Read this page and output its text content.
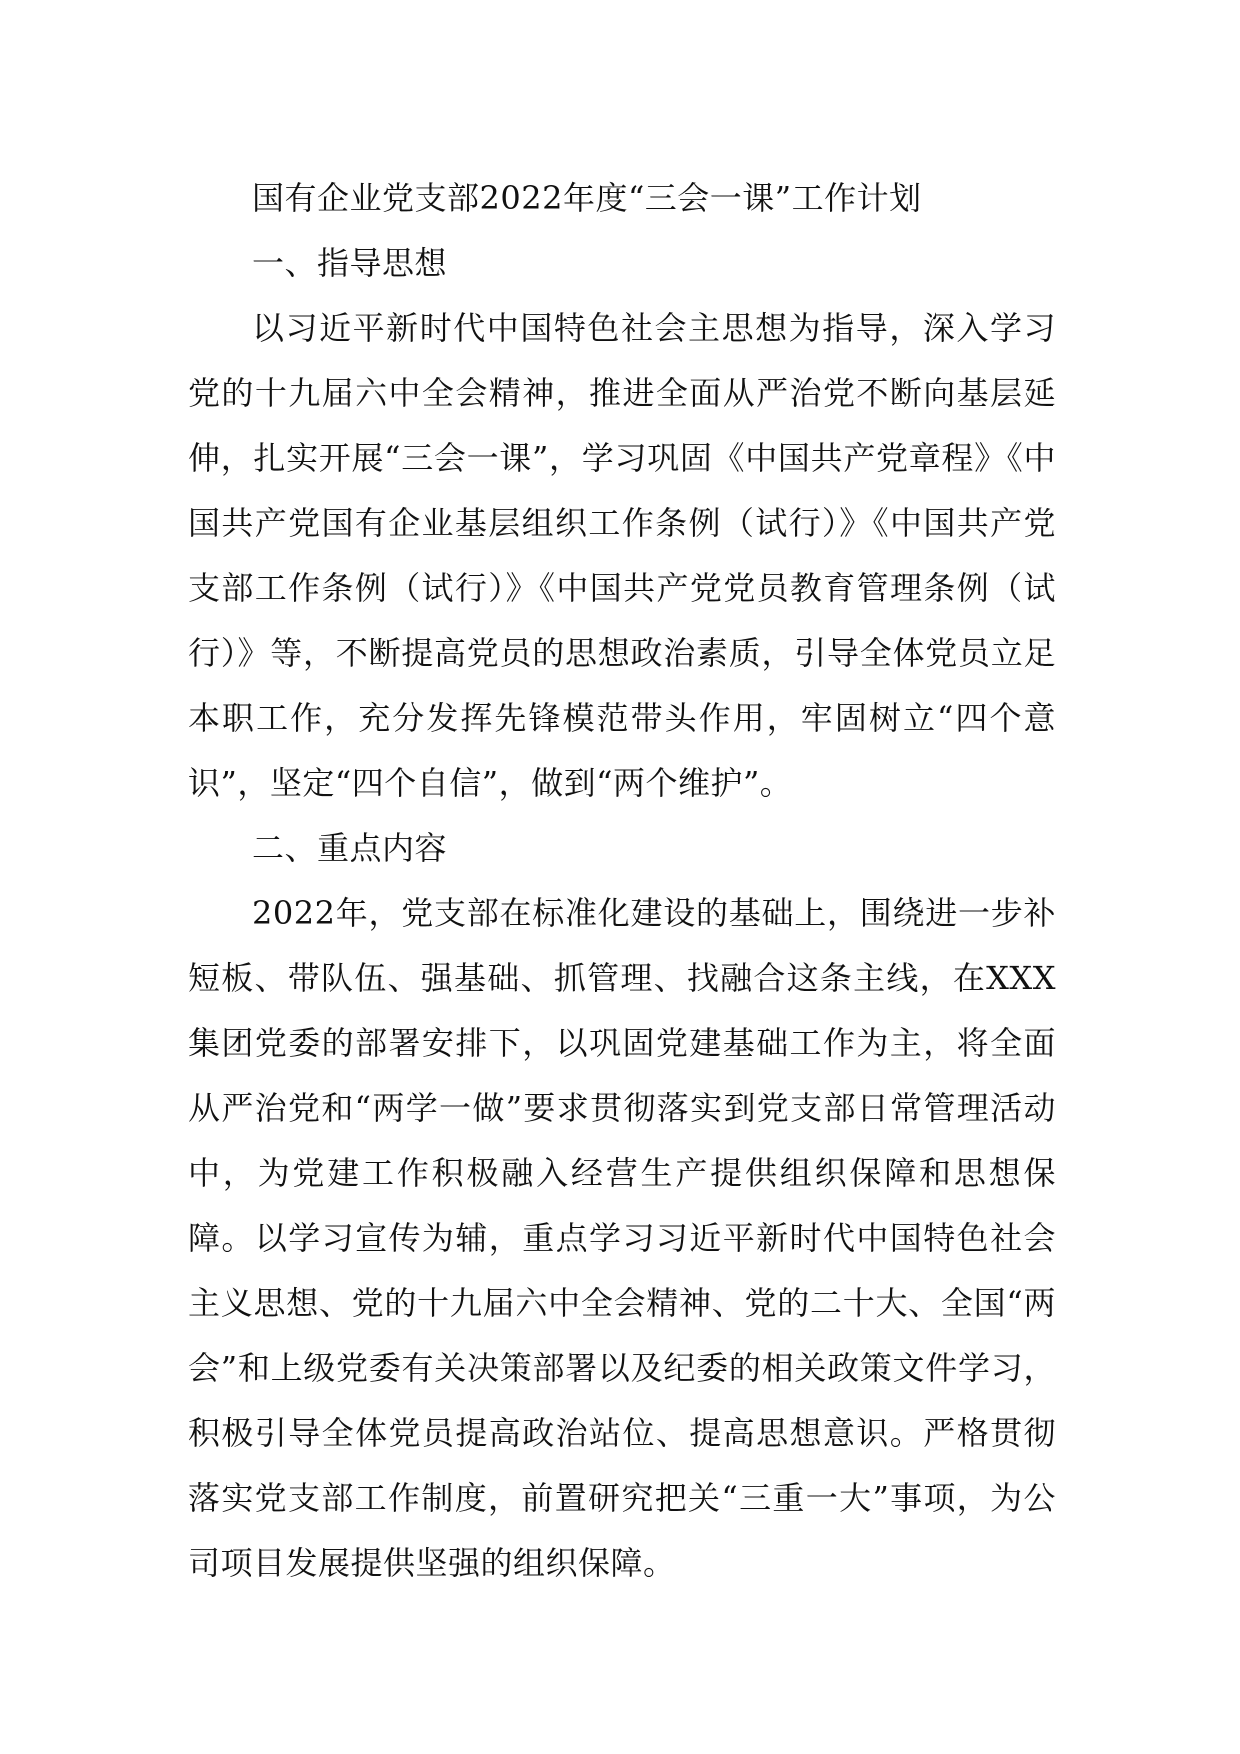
国有企业党支部2022年度“三会一课”工作计划

一、指导思想

以习近平新时代中国特色社会主思想为指导，深入学习党的十九届六中全会精神，推进全面从严治党不断向基层延伸，扎实开展“三会一课”，学习巩固《中国共产党章程》《中国共产党国有企业基层组织工作条例（试行）》《中国共产党支部工作条例（试行）》《中国共产党党员教育管理条例（试行）》等，不断提高党员的思想政治素质，引导全体党员立足本职工作，充分发挥先锋模范带头作用，牢固树立“四个意识”，坚定“四个自信”，做到“两个维护”。

二、重点内容

2022年，党支部在标准化建设的基础上，围绕进一步补短板、带队伍、强基础、抓管理、找融合这条主线，在XXX集团党委的部署安排下，以巩固党建基础工作为主，将全面从严治党和“两学一做”要求贯彻落实到党支部日常管理活动中，为党建工作积极融入经营生产提供组织保障和思想保障。以学习宣传为辅，重点学习习近平新时代中国特色社会主义思想、党的十九届六中全会精神、党的二十大、全国“两会”和上级党委有关决策部署以及纪委的相关政策文件学习，积极引导全体党员提高政治站位、提高思想意识。严格贯彻落实党支部工作制度，前置研究把关“三重一大”事项，为公司项目发展提供坚强的组织保障。
